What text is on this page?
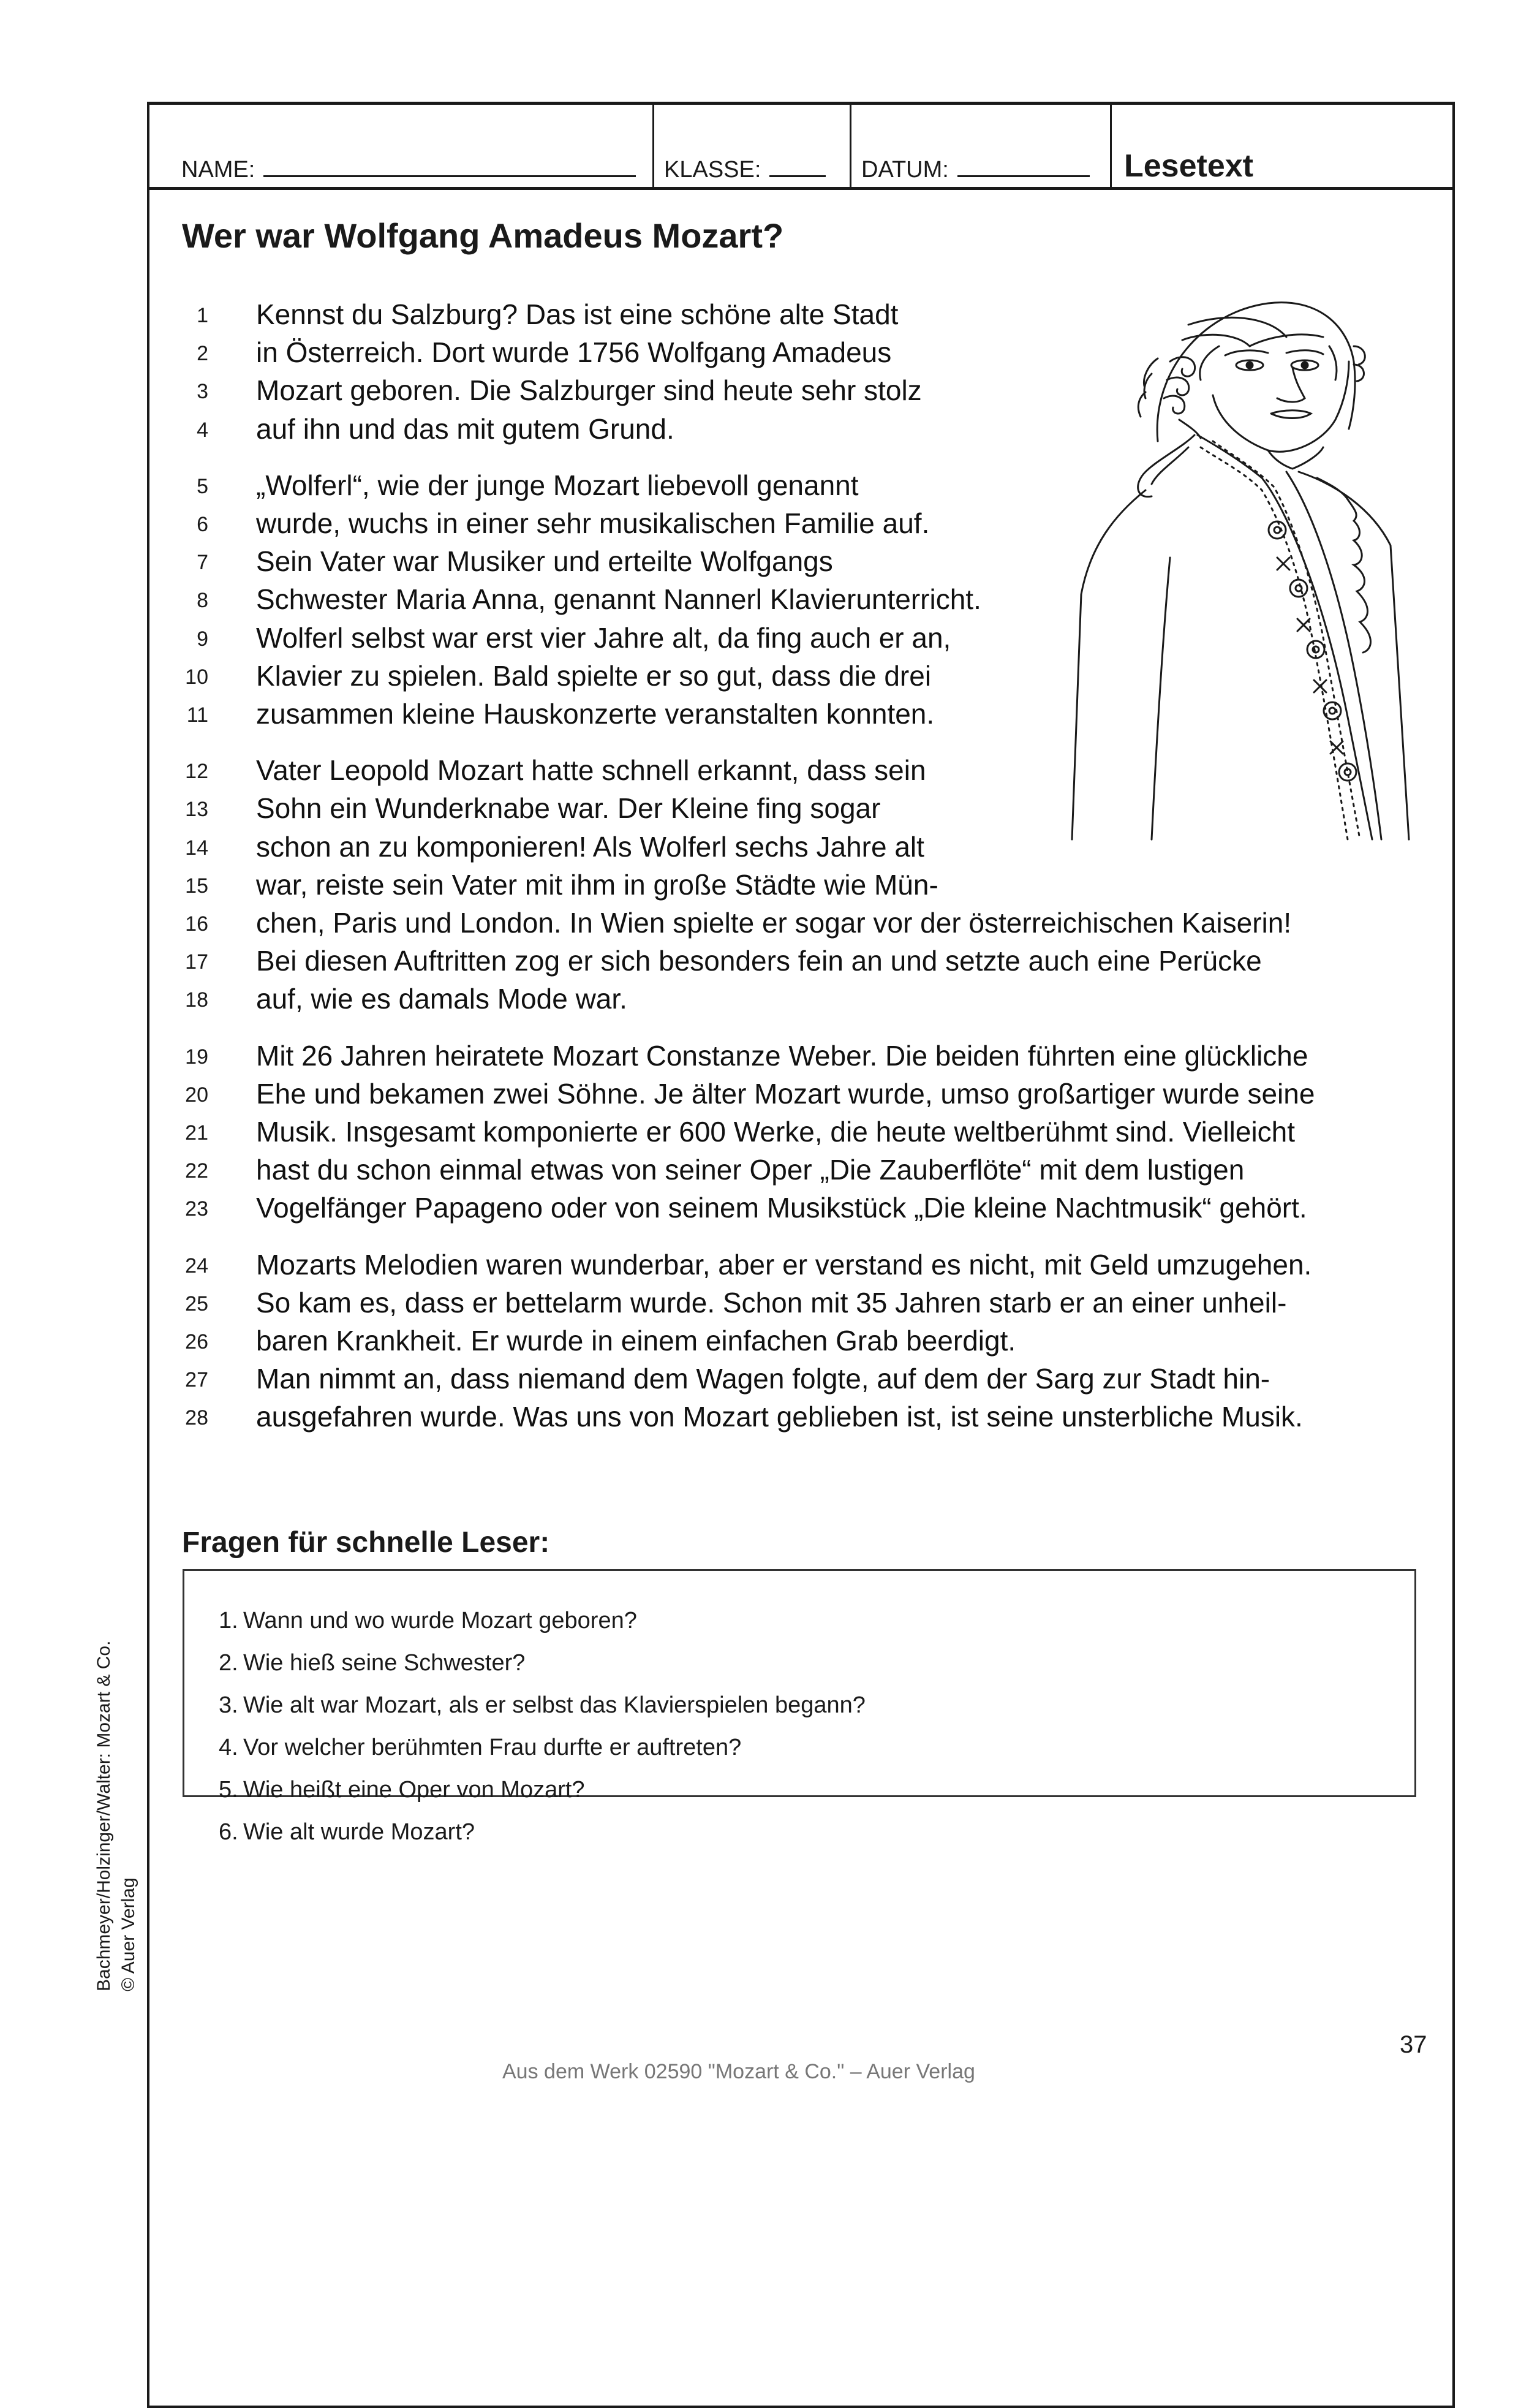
NAME:	KLASSE:	DATUM:	Lesetext
Wer war Wolfgang Amadeus Mozart?
1 Kennst du Salzburg? Das ist eine schöne alte Stadt
2 in Österreich. Dort wurde 1756 Wolfgang Amadeus
3 Mozart geboren. Die Salzburger sind heute sehr stolz
4 auf ihn und das mit gutem Grund.
5 „Wolferl“, wie der junge Mozart liebevoll genannt
6 wurde, wuchs in einer sehr musikalischen Familie auf.
7 Sein Vater war Musiker und erteilte Wolfgangs
8 Schwester Maria Anna, genannt Nannerl Klavierunterricht.
9 Wolferl selbst war erst vier Jahre alt, da fing auch er an,
10 Klavier zu spielen. Bald spielte er so gut, dass die drei
11 zusammen kleine Hauskonzerte veranstalten konnten.
12 Vater Leopold Mozart hatte schnell erkannt, dass sein
13 Sohn ein Wunderknabe war. Der Kleine fing sogar
14 schon an zu komponieren! Als Wolferl sechs Jahre alt
15 war, reiste sein Vater mit ihm in große Städte wie Mün-
16 chen, Paris und London. In Wien spielte er sogar vor der österreichischen Kaiserin!
17 Bei diesen Auftritten zog er sich besonders fein an und setzte auch eine Perücke
18 auf, wie es damals Mode war.
19 Mit 26 Jahren heiratete Mozart Constanze Weber. Die beiden führten eine glückliche
20 Ehe und bekamen zwei Söhne. Je älter Mozart wurde, umso großartiger wurde seine
21 Musik. Insgesamt komponierte er 600 Werke, die heute weltberühmt sind. Vielleicht
22 hast du schon einmal etwas von seiner Oper „Die Zauberflöte“ mit dem lustigen
23 Vogelfänger Papageno oder von seinem Musikstück „Die kleine Nachtmusik“ gehört.
24 Mozarts Melodien waren wunderbar, aber er verstand es nicht, mit Geld umzugehen.
25 So kam es, dass er bettelarm wurde. Schon mit 35 Jahren starb er an einer unheil-
26 baren Krankheit. Er wurde in einem einfachen Grab beerdigt.
27 Man nimmt an, dass niemand dem Wagen folgte, auf dem der Sarg zur Stadt hin-
28 ausgefahren wurde. Was uns von Mozart geblieben ist, ist seine unsterbliche Musik.
Fragen für schnelle Leser:
1. Wann und wo wurde Mozart geboren?
2. Wie hieß seine Schwester?
3. Wie alt war Mozart, als er selbst das Klavierspielen begann?
4. Vor welcher berühmten Frau durfte er auftreten?
5. Wie heißt eine Oper von Mozart?
6. Wie alt wurde Mozart?
Bachmeyer/Holzinger/Walter: Mozart & Co. © Auer Verlag
37
Aus dem Werk 02590 "Mozart & Co." – Auer Verlag
